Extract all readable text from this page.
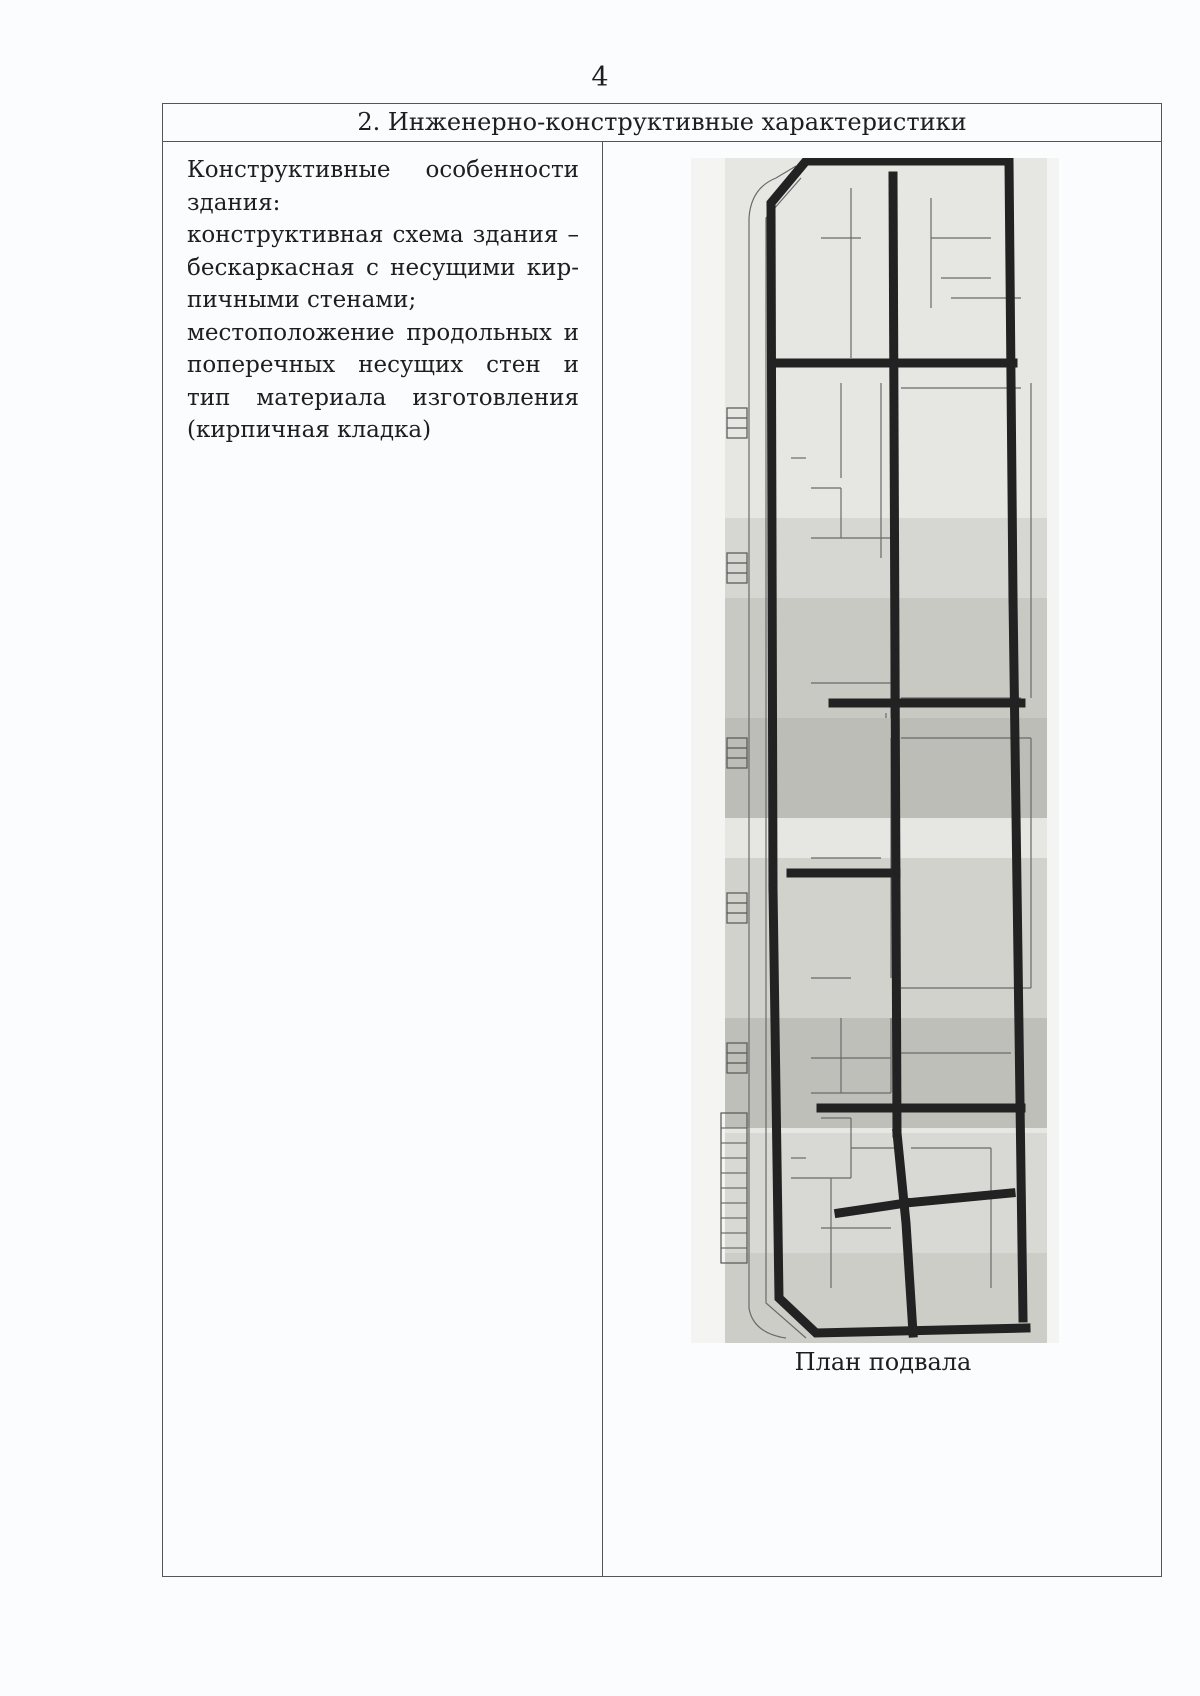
4
2. Инженерно-конструктивные характеристики

Конструктивные особенности здания:

конструктивная схема здания – бескаркасная с несущими кирпичными стенами;

местоположение продольных и поперечных несущих стен и тип материала изготовления (кирпичная кладка)

План подвала
